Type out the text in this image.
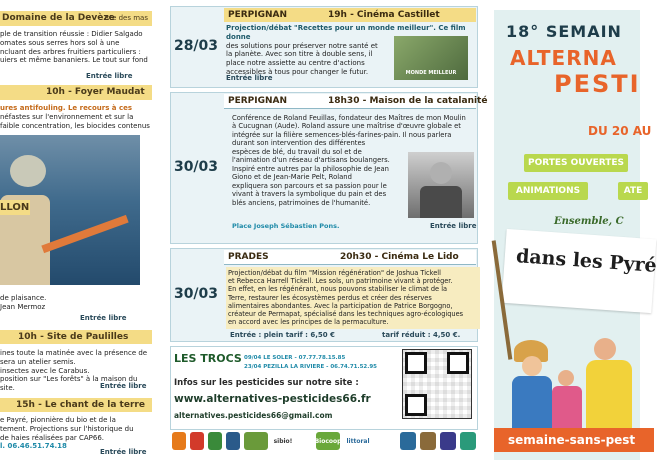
Domaine de la Devèze
Rte des mas
ple de transition réussie : Didier Salgado
omates sous serres hors sol à une
ncluant des arbres fruitiers particuliers :
uiers et même bananiers. Le tout sur fond
Entrée libre
10h - Foyer Maudat
ures antifouling. Le recours à ces
néfastes sur l'environnement et sur la
faible concentration, les biocides contenus
LLON
de plaisance.
Jean Mermoz
Entrée libre
10h - Site de Paulilles
ines toute la matinée avec la présence de
sera un atelier semis.
insectes avec le Carabus.
position sur "Les forêts" à la maison du site.	Entrée libre
15h - Le chant de la terre
e Payré, pionnière du bio et de la
tement. Projections sur l'historique du
de haies réalisées par CAP66.
l. 06.46.51.74.18
Entrée libre
28/03
PERPIGNAN	19h - Cinéma Castillet
Projection/débat "Recettes pour un monde meilleur". Ce film donne
des solutions pour préserver notre santé et
la planète. Avec son titre à double sens, il
place notre assiette au centre d'actions
accessibles à tous pour changer le futur.	MONDE MEILLEUR
Entrée libre
30/03
PERPIGNAN	18h30 - Maison de la catalanité
Conférence de Roland Feuillas, fondateur des Maîtres de mon Moulin
à Cucugnan (Aude). Roland assure une maîtrise d'œuvre globale et
intégrée sur la filière semences-blés-farines-pain. Il nous parlera
durant son intervention des différentes
espèces de blé, du travail du sol et de
l'animation d'un réseau d'artisans boulangers.
Inspiré entre autres par la philosophie de Jean
Giono et de Jean-Marie Pelt, Roland
expliquera son parcours et sa passion pour le
vivant à travers la symbolique du pain et des
blés anciens, patrimoines de l'humanité.
Place Joseph Sébastien Pons.	Entrée libre
30/03
PRADES	20h30 - Cinéma Le Lido
Projection/débat du film "Mission régénération" de Joshua Tickell
et Rebecca Harrell Tickell. Les sols, un patrimoine vivant à protéger.
En effet, en les régénérant, nous pouvons stabiliser le climat de la
Terre, restaurer les écosystèmes perdus et créer des réserves
alimentaires abondantes. Avec la participation de Patrice Borgogno,
créateur de Permapat, spécialisé dans les techniques agro-écologiques
en accord avec les principes de la permaculture.
Entrée : plein tarif : 6,50 €	tarif réduit : 4,50 €.
LES TROCS 09/04 LE SOLER - 07.77.78.15.85
23/04 PEZILLA LA RIVIERE - 06.74.71.52.95
Infos sur les pesticides sur notre site :
www.alternatives-pesticides66.fr
alternatives.pesticides66@gmail.com
sibio!	Biocoop littoral
18° SEMAIN
ALTERNA
PESTI
DU 20 AU
PORTES OUVERTES
ANIMATIONS	ATE
Ensemble, C
dans les Pyré
semaine-sans-pest
